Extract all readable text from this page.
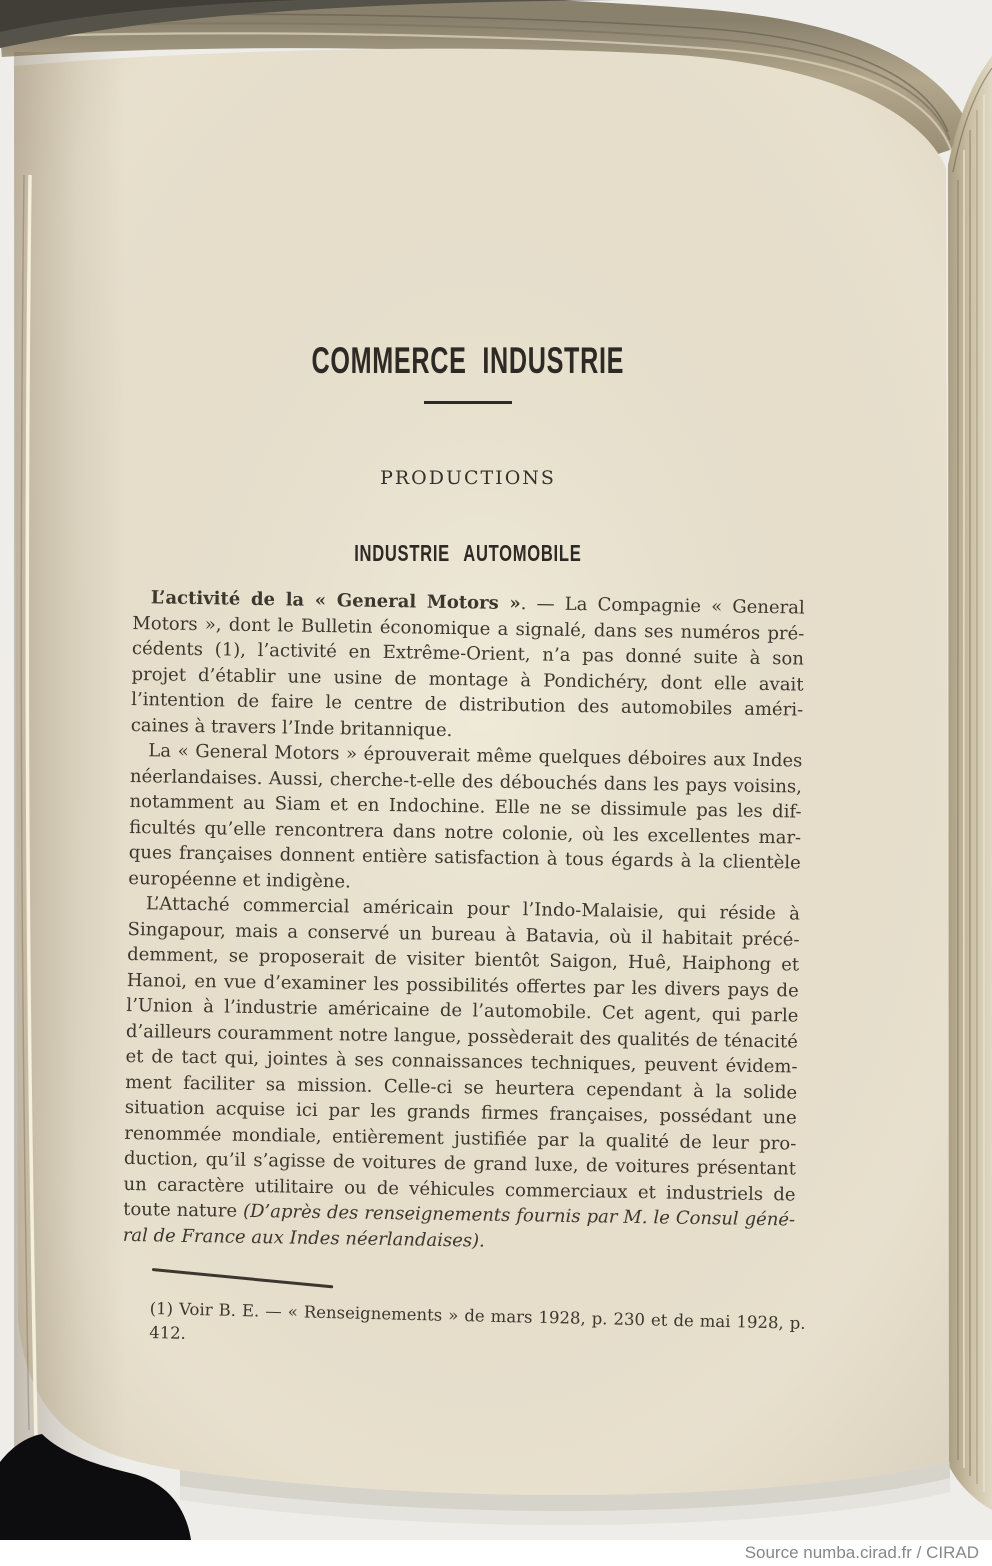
COMMERCE INDUSTRIE
PRODUCTIONS
INDUSTRIE AUTOMOBILE
L’activité de la « General Motors ». — La Compagnie « General
Motors », dont le Bulletin économique a signalé, dans ses numéros pré-
cédents (1), l’activité en Extrême-Orient, n’a pas donné suite à son
projet d’établir une usine de montage à Pondichéry, dont elle avait
l’intention de faire le centre de distribution des automobiles améri-
caines à travers l’Inde britannique.
La « General Motors » éprouverait même quelques déboires aux Indes
néerlandaises. Aussi, cherche-t-elle des débouchés dans les pays voisins,
notamment au Siam et en Indochine. Elle ne se dissimule pas les dif-
ficultés qu’elle rencontrera dans notre colonie, où les excellentes mar-
ques françaises donnent entière satisfaction à tous égards à la clientèle
européenne et indigène.
L’Attaché commercial américain pour l’Indo-Malaisie, qui réside à
Singapour, mais a conservé un bureau à Batavia, où il habitait précé-
demment, se proposerait de visiter bientôt Saigon, Huê, Haiphong et
Hanoi, en vue d’examiner les possibilités offertes par les divers pays de
l’Union à l’industrie américaine de l’automobile. Cet agent, qui parle
d’ailleurs couramment notre langue, possèderait des qualités de ténacité
et de tact qui, jointes à ses connaissances techniques, peuvent évidem-
ment faciliter sa mission. Celle-ci se heurtera cependant à la solide
situation acquise ici par les grands firmes françaises, possédant une
renommée mondiale, entièrement justifiée par la qualité de leur pro-
duction, qu’il s’agisse de voitures de grand luxe, de voitures présentant
un caractère utilitaire ou de véhicules commerciaux et industriels de
toute nature (D’après des renseignements fournis par M. le Consul géné-
ral de France aux Indes néerlandaises).
(1) Voir B. E. — « Renseignements » de mars 1928, p. 230 et de mai 1928, p. 412.
Source numba.cirad.fr / CIRAD
